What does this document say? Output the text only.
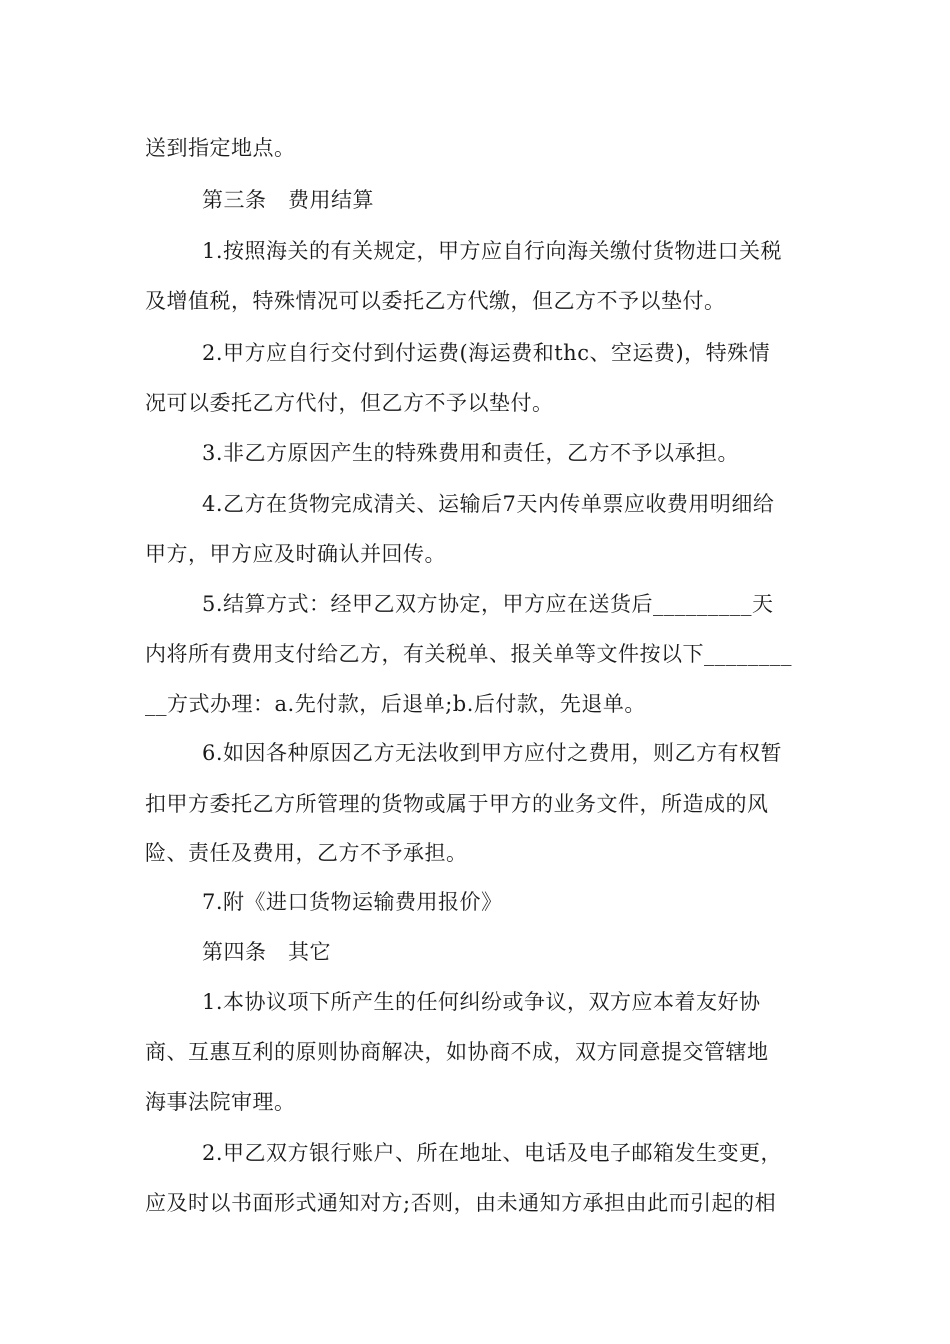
送到指定地点。
第三条　费用结算
1.按照海关的有关规定，甲方应自行向海关缴付货物进口关税
及增值税，特殊情况可以委托乙方代缴，但乙方不予以垫付。
2.甲方应自行交付到付运费(海运费和thc、空运费)，特殊情
况可以委托乙方代付，但乙方不予以垫付。
3.非乙方原因产生的特殊费用和责任，乙方不予以承担。
4.乙方在货物完成清关、运输后7天内传单票应收费用明细给
甲方，甲方应及时确认并回传。
5.结算方式：经甲乙双方协定，甲方应在送货后_________天
内将所有费用支付给乙方，有关税单、报关单等文件按以下________
__方式办理：a.先付款，后退单;b.后付款，先退单。
6.如因各种原因乙方无法收到甲方应付之费用，则乙方有权暂
扣甲方委托乙方所管理的货物或属于甲方的业务文件，所造成的风
险、责任及费用，乙方不予承担。
7.附《进口货物运输费用报价》
第四条　其它
1.本协议项下所产生的任何纠纷或争议，双方应本着友好协
商、互惠互利的原则协商解决，如协商不成，双方同意提交管辖地
海事法院审理。
2.甲乙双方银行账户、所在地址、电话及电子邮箱发生变更，
应及时以书面形式通知对方;否则，由未通知方承担由此而引起的相
